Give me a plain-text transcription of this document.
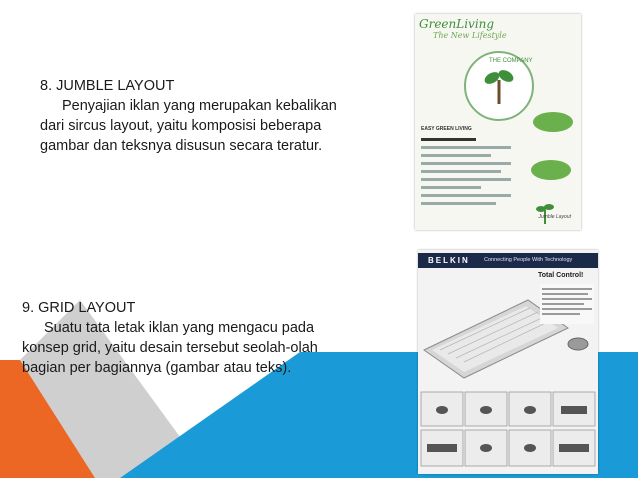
8. JUMBLE LAYOUT
Penyajian iklan yang merupakan kebalikan
dari sircus layout, yaitu komposisi beberapa
gambar dan teksnya disusun secara teratur.
9. GRID LAYOUT
Suatu tata letak iklan yang mengacu pada
konsep grid, yaitu desain tersebut seolah-olah
bagian per bagiannya (gambar atau teks).
GreenLiving
The New Lifestyle
THE COMPANY
EASY GREEN LIVING
Jumble Layout
BELKIN	Connecting People With Technology
Total Control!
